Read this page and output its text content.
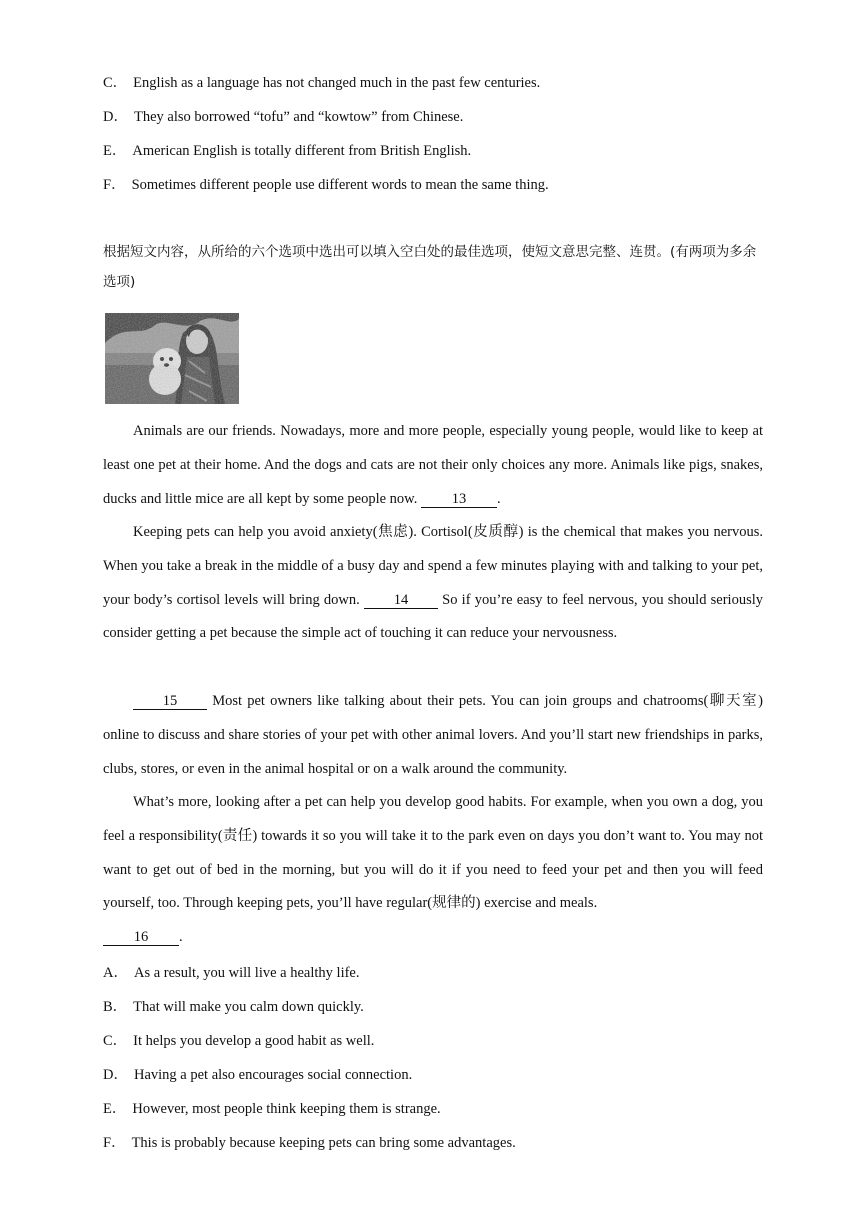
C． English as a language has not changed much in the past few centuries.
D． They also borrowed “tofu” and “kowtow” from Chinese.
E． American English is totally different from British English.
F． Sometimes different people use different words to mean the same thing.

根据短文内容，从所给的六个选项中选出可以填入空白处的最佳选项，使短文意思完整、连贯。(有两项为多余选项)

Animals are our friends. Nowadays, more and more people, especially young people, would like to keep at least one pet at their home. And the dogs and cats are not their only choices any more. Animals like pigs, snakes, ducks and little mice are all kept by some people now. 13 .

Keeping pets can help you avoid anxiety(焦虑). Cortisol(皮质醇) is the chemical that makes you nervous. When you take a break in the middle of a busy day and spend a few minutes playing with and talking to your pet, your body’s cortisol levels will bring down. 14 So if you’re easy to feel nervous, you should seriously consider getting a pet because the simple act of touching it can reduce your nervousness.

15 Most pet owners like talking about their pets. You can join groups and chatrooms(聊天室) online to discuss and share stories of your pet with other animal lovers. And you’ll start new friendships in parks, clubs, stores, or even in the animal hospital or on a walk around the community.

What’s more, looking after a pet can help you develop good habits. For example, when you own a dog, you feel a responsibility(责任) towards it so you will take it to the park even on days you don’t want to. You may not want to get out of bed in the morning, but you will do it if you need to feed your pet and then you will feed yourself, too. Through keeping pets, you’ll have regular(规律的) exercise and meals.

16 .

A． As a result, you will live a healthy life.
B． That will make you calm down quickly.
C． It helps you develop a good habit as well.
D． Having a pet also encourages social connection.
E． However, most people think keeping them is strange.
F． This is probably because keeping pets can bring some advantages.
